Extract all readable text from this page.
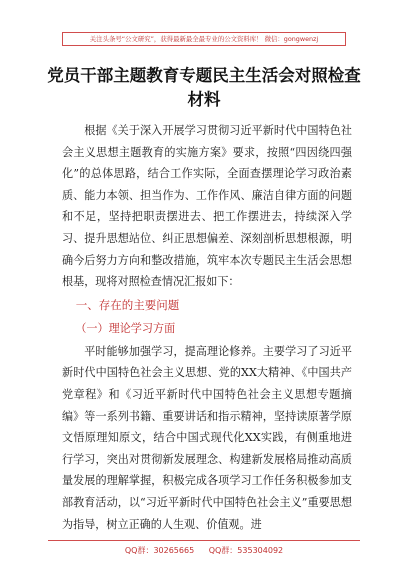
关注头条号“公文研究”，获得最新最全最专业的公文资料库！ 微信：gongwenzj
党员干部主题教育专题民主生活会对照检查材料

根据《关于深入开展学习贯彻习近平新时代中国特色社会主义思想主题教育的实施方案》要求，按照“四因绕四强化”的总体思路，结合工作实际，全面查摆理论学习政治素质、能力本领、担当作为、工作作风、廉洁自律方面的问题和不足，坚持把职责摆进去、把工作摆进去，持续深入学习、提升思想站位、纠正思想偏差、深刻剖析思想根源，明确今后努力方向和整改措施，筑牢本次专题民主生活会思想根基，现将对照检查情况汇报如下：

一、存在的主要问题
（一）理论学习方面

平时能够加强学习，提高理论修养。主要学习了习近平新时代中国特色社会主义思想、党的XX大精神、《中国共产党章程》和《习近平新时代中国特色社会主义思想专题摘编》等一系列书籍、重要讲话和指示精神，坚持读原著学原文悟原理知原文，结合中国式现代化XX实践，有侧重地进行学习，突出对贯彻新发展理念、构建新发展格局推动高质量发展的理解掌握，积极完成各项学习工作任务积极参加支部教育活动，以“习近平新时代中国特色社会主义”重要思想为指导，树立正确的人生观、价值观。进

QQ群：30265665 QQ群：535304092
